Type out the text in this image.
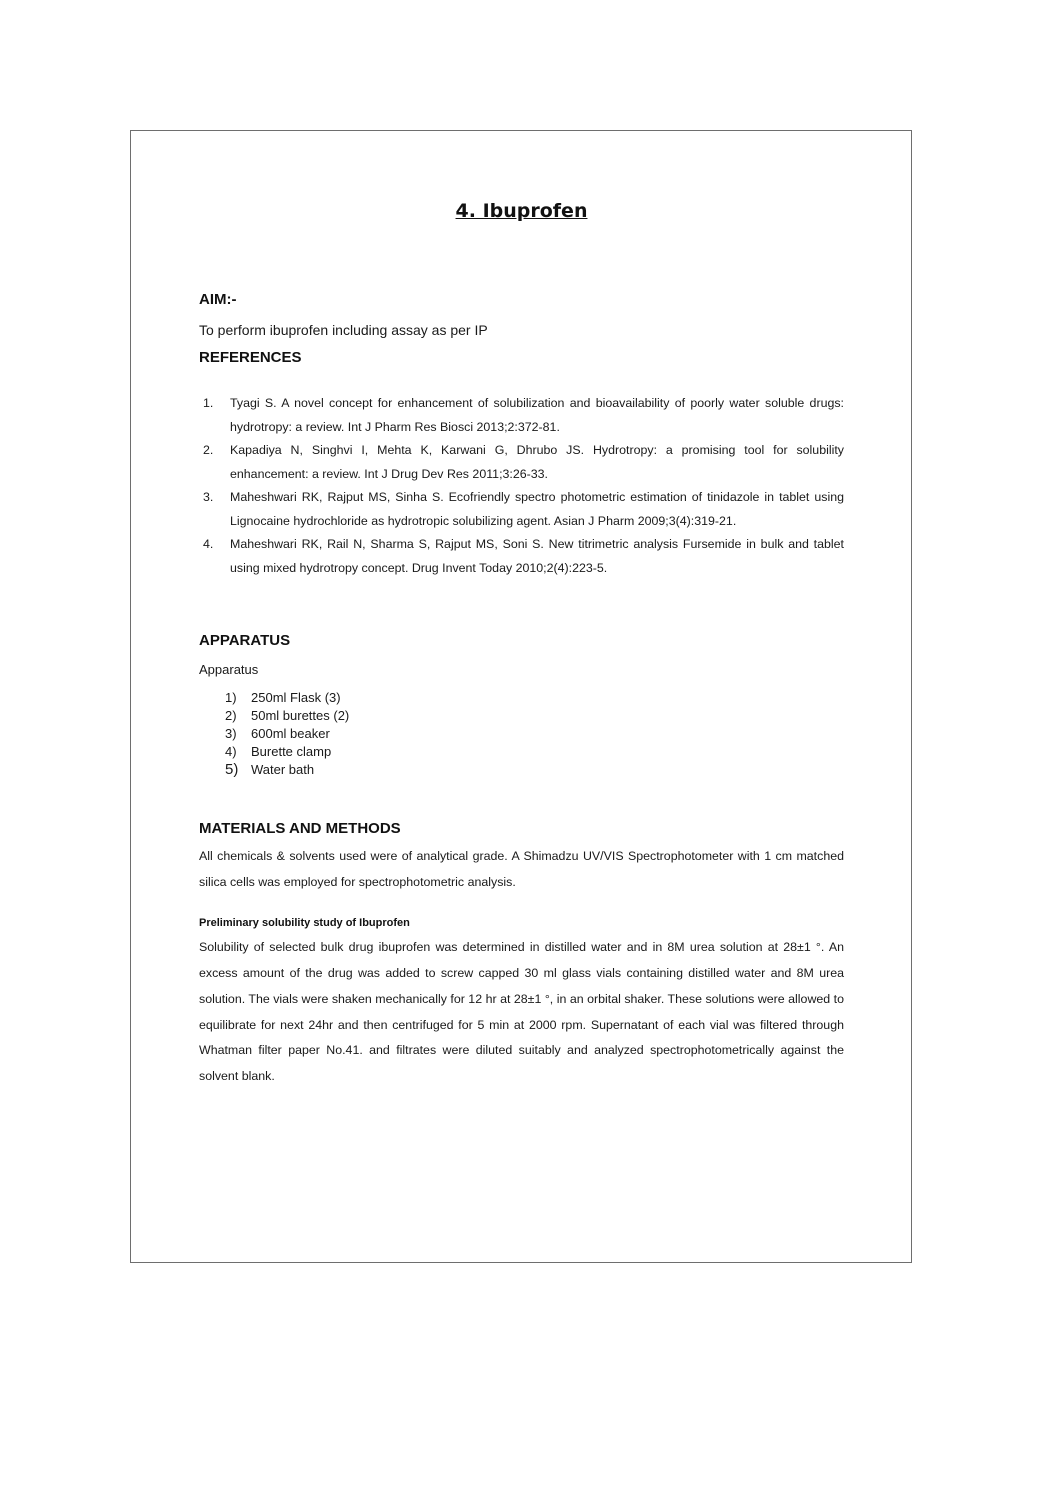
4. Ibuprofen
AIM:-
To perform ibuprofen including assay as per IP
REFERENCES
1.	Tyagi S. A novel concept for enhancement of solubilization and bioavailability of poorly water soluble drugs: hydrotropy: a review. Int J Pharm Res Biosci 2013;2:372-81.
2.	Kapadiya N, Singhvi I, Mehta K, Karwani G, Dhrubo JS. Hydrotropy: a promising tool for solubility enhancement: a review. Int J Drug Dev Res 2011;3:26-33.
3.	Maheshwari RK, Rajput MS, Sinha S. Ecofriendly spectro photometric estimation of tinidazole in tablet using Lignocaine hydrochloride as hydrotropic solubilizing agent. Asian J Pharm 2009;3(4):319-21.
4.	Maheshwari RK, Rail N, Sharma S, Rajput MS, Soni S. New titrimetric analysis Fursemide in bulk and tablet using mixed hydrotropy concept. Drug Invent Today 2010;2(4):223-5.
APPARATUS
Apparatus
1)	250ml Flask (3)
2)	50ml burettes (2)
3)	600ml beaker
4)	Burette clamp
5) Water bath
MATERIALS AND METHODS

All chemicals & solvents used were of analytical grade. A Shimadzu UV/VIS Spectrophotometer with 1 cm matched silica cells was employed for spectrophotometric analysis.

Preliminary solubility study of Ibuprofen

Solubility of selected bulk drug ibuprofen was determined in distilled water and in 8M urea solution at 28±1 °. An excess amount of the drug was added to screw capped 30 ml glass vials containing distilled water and 8M urea solution. The vials were shaken mechanically for 12 hr at 28±1 °, in an orbital shaker. These solutions were allowed to equilibrate for next 24hr and then centrifuged for 5 min at 2000 rpm. Supernatant of each vial was filtered through Whatman filter paper No.41. and filtrates were diluted suitably and analyzed spectrophotometrically against the solvent blank.
